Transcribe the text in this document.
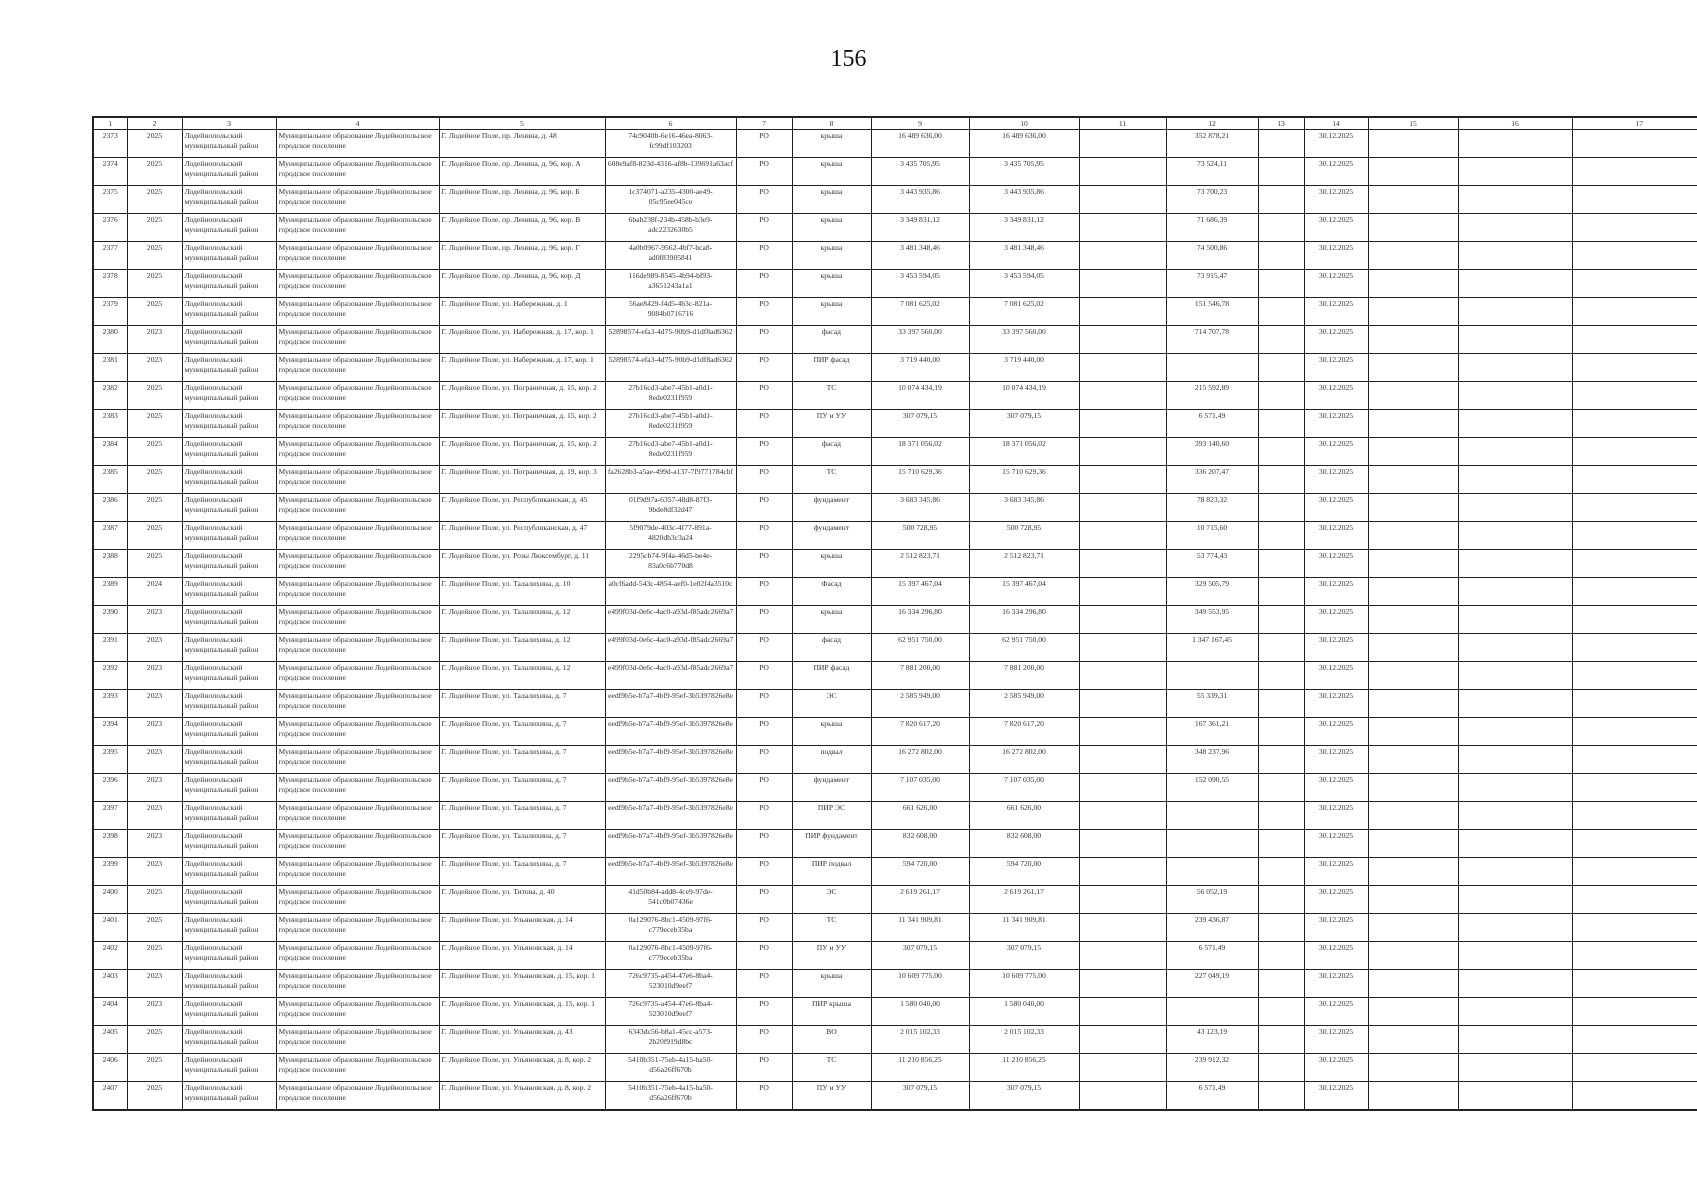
156
1	2	3	4	5	6	7	8	9	10	11	12	13	14	15	16	17
2373	2025	Лодейнопольский муниципальный район	Муниципальное образование Лодейнопольское городское поселение	Г. Лодейное Поле, пр. Ленина, д. 48	74c9040b-6e16-46ea-8063-fc99df103203	РО	крыша	16 489 636,00	16 489 636,00		352 878,21		30.12.2025			
2374	2025	Лодейнопольский муниципальный район	Муниципальное образование Лодейнопольское городское поселение	Г. Лодейное Поле, пр. Ленина, д. 96, кор. А	608e9af8-823d-4316-af8b-139691a63acf	РО	крыша	3 435 705,95	3 435 705,95		73 524,11		30.12.2025			
2375	2025	Лодейнопольский муниципальный район	Муниципальное образование Лодейнопольское городское поселение	Г. Лодейное Поле, пр. Ленина, д. 96, кор. Б	1c374071-a235-4300-ae49-05c95ee045ce	РО	крыша	3 443 935,86	3 443 935,86		73 700,23		30.12.2025			
2376	2025	Лодейнопольский муниципальный район	Муниципальное образование Лодейнопольское городское поселение	Г. Лодейное Поле, пр. Ленина, д. 96, кор. В	6bab238f-234b-458b-b3e9-adc2232630b5	РО	крыша	3 349 831,12	3 349 831,12		71 686,39		30.12.2025			
2377	2025	Лодейнопольский муниципальный район	Муниципальное образование Лодейнопольское городское поселение	Г. Лодейное Поле, пр. Ленина, д. 96, кор. Г	4a0b0967-9562-4bf7-bca8-ad0f83905841	РО	крыша	3 481 348,46	3 481 348,46		74 500,86		30.12.2025			
2378	2025	Лодейнопольский муниципальный район	Муниципальное образование Лодейнопольское городское поселение	Г. Лодейное Поле, пр. Ленина, д. 96, кор. Д	116de989-8545-4b94-bf93-a3651243a1a1	РО	крыша	3 453 594,05	3 453 594,05		73 915,47		30.12.2025			
2379	2025	Лодейнопольский муниципальный район	Муниципальное образование Лодейнопольское городское поселение	Г. Лодейное Поле, ул. Набережная, д. 1	56ae8429-f4d5-4b3c-821a-9084b0716716	РО	крыша	7 081 625,02	7 081 625,02		151 546,78		30.12.2025			
2380	2023	Лодейнопольский муниципальный район	Муниципальное образование Лодейнопольское городское поселение	Г. Лодейное Поле, ул. Набережная, д. 17, кор. 1	52898574-efa3-4d75-90b9-d1df8ad6362	РО	фасад	33 397 560,00	33 397 560,00		714 707,78		30.12.2025			
2381	2023	Лодейнопольский муниципальный район	Муниципальное образование Лодейнопольское городское поселение	Г. Лодейное Поле, ул. Набережная, д. 17, кор. 1	52898574-efa3-4d75-90b9-d1df8ad6362	РО	ПИР фасад	3 719 440,00	3 719 440,00				30.12.2025			
2382	2025	Лодейнопольский муниципальный район	Муниципальное образование Лодейнопольское городское поселение	Г. Лодейное Поле, ул. Пограничная, д. 15, кор. 2	27b16cd3-abe7-45b1-a0d1-8ede0231f959	РО	ТС	10 074 434,19	10 074 434,19		215 592,89		30.12.2025			
2383	2025	Лодейнопольский муниципальный район	Муниципальное образование Лодейнопольское городское поселение	Г. Лодейное Поле, ул. Пограничная, д. 15, кор. 2	27b16cd3-abe7-45b1-a0d1-8ede0231f959	РО	ПУ и УУ	307 079,15	307 079,15		6 571,49		30.12.2025			
2384	2025	Лодейнопольский муниципальный район	Муниципальное образование Лодейнопольское городское поселение	Г. Лодейное Поле, ул. Пограничная, д. 15, кор. 2	27b16cd3-abe7-45b1-a0d1-8ede0231f959	РО	фасад	18 371 056,02	18 371 056,02		393 140,60		30.12.2025			
2385	2025	Лодейнопольский муниципальный район	Муниципальное образование Лодейнопольское городское поселение	Г. Лодейное Поле, ул. Пограничная, д. 19, кор. 3	fa2628b3-a5ae-499d-a137-7f9771784cbf	РО	ТС	15 710 629,36	15 710 629,36		336 207,47		30.12.2025			
2386	2025	Лодейнопольский муниципальный район	Муниципальное образование Лодейнопольское городское поселение	Г. Лодейное Поле, ул. Республиканская, д. 45	01f9d97a-6357-48d8-87f3-9bde8df32d47	РО	фундамент	3 683 345,86	3 683 345,86		78 823,32		30.12.2025			
2387	2025	Лодейнопольский муниципальный район	Муниципальное образование Лодейнопольское городское поселение	Г. Лодейное Поле, ул. Республиканская, д. 47	5f9079de-403c-4f77-891a-4820db3c3a24	РО	фундамент	500 728,95	500 728,95		10 715,60		30.12.2025			
2388	2025	Лодейнопольский муниципальный район	Муниципальное образование Лодейнопольское городское поселение	Г. Лодейное Поле, ул. Розы Люксембург, д. 11	2295cb74-9f4a-46d5-be4e-83a0c6b770d8	РО	крыша	2 512 823,71	2 512 823,71		53 774,43		30.12.2025			
2389	2024	Лодейнопольский муниципальный район	Муниципальное образование Лодейнопольское городское поселение	Г. Лодейное Поле, ул. Талалихина, д. 10	a0cf6add-543c-4854-aef0-1e02f4a3510c	РО	Фасад	15 397 467,04	15 397 467,04		329 505,79		30.12.2025			
2390	2023	Лодейнопольский муниципальный район	Муниципальное образование Лодейнопольское городское поселение	Г. Лодейное Поле, ул. Талалихина, д. 12	e499f03d-0e6c-4ac0-a93d-f85adc2669a7	РО	крыша	16 334 296,80	16 334 296,80		349 553,95		30.12.2025			
2391	2023	Лодейнопольский муниципальный район	Муниципальное образование Лодейнопольское городское поселение	Г. Лодейное Поле, ул. Талалихина, д. 12	e499f03d-0e6c-4ac0-a93d-f85adc2669a7	РО	фасад	62 951 750,00	62 951 750,00		1 347 167,45		30.12.2025			
2392	2023	Лодейнопольский муниципальный район	Муниципальное образование Лодейнопольское городское поселение	Г. Лодейное Поле, ул. Талалихина, д. 12	e499f03d-0e6c-4ac0-a93d-f85adc2669a7	РО	ПИР фасад	7 881 200,00	7 881 200,00				30.12.2025			
2393	2023	Лодейнопольский муниципальный район	Муниципальное образование Лодейнопольское городское поселение	Г. Лодейное Поле, ул. Талалихина, д. 7	eedf9b5e-b7a7-4bf9-95ef-3b5397826e8e	РО	ЭС	2 585 949,00	2 585 949,00		55 339,31		30.12.2025			
2394	2023	Лодейнопольский муниципальный район	Муниципальное образование Лодейнопольское городское поселение	Г. Лодейное Поле, ул. Талалихина, д. 7	eedf9b5e-b7a7-4bf9-95ef-3b5397826e8e	РО	крыша	7 820 617,20	7 820 617,20		167 361,21		30.12.2025			
2395	2023	Лодейнопольский муниципальный район	Муниципальное образование Лодейнопольское городское поселение	Г. Лодейное Поле, ул. Талалихина, д. 7	eedf9b5e-b7a7-4bf9-95ef-3b5397826e8e	РО	подвал	16 272 802,00	16 272 802,00		348 237,96		30.12.2025			
2396	2023	Лодейнопольский муниципальный район	Муниципальное образование Лодейнопольское городское поселение	Г. Лодейное Поле, ул. Талалихина, д. 7	eedf9b5e-b7a7-4bf9-95ef-3b5397826e8e	РО	фундамент	7 107 035,00	7 107 035,00		152 090,55		30.12.2025			
2397	2023	Лодейнопольский муниципальный район	Муниципальное образование Лодейнопольское городское поселение	Г. Лодейное Поле, ул. Талалихина, д. 7	eedf9b5e-b7a7-4bf9-95ef-3b5397826e8e	РО	ПИР ЭС	661 626,00	661 626,00				30.12.2025			
2398	2023	Лодейнопольский муниципальный район	Муниципальное образование Лодейнопольское городское поселение	Г. Лодейное Поле, ул. Талалихина, д. 7	eedf9b5e-b7a7-4bf9-95ef-3b5397826e8e	РО	ПИР фундамент	832 608,00	832 608,00				30.12.2025			
2399	2023	Лодейнопольский муниципальный район	Муниципальное образование Лодейнопольское городское поселение	Г. Лодейное Поле, ул. Талалихина, д. 7	eedf9b5e-b7a7-4bf9-95ef-3b5397826e8e	РО	ПИР подвал	594 720,00	594 720,00				30.12.2025			
2400	2025	Лодейнопольский муниципальный район	Муниципальное образование Лодейнопольское городское поселение	Г. Лодейное Поле, ул. Титова, д. 40	41d50b84-add8-4ce9-97de-541c0b07436e	РО	ЭС	2 619 261,17	2 619 261,17		56 052,19		30.12.2025			
2401	2025	Лодейнопольский муниципальный район	Муниципальное образование Лодейнопольское городское поселение	Г. Лодейное Поле, ул. Ульяновская, д. 14	0a129076-8bc1-4509-97f6-c779eceb35ba	РО	ТС	11 341 909,81	11 341 909,81		239 436,87		30.12.2025			
2402	2025	Лодейнопольский муниципальный район	Муниципальное образование Лодейнопольское городское поселение	Г. Лодейное Поле, ул. Ульяновская, д. 14	0a129076-8bc1-4509-97f6-c779eceb35ba	РО	ПУ и УУ	307 079,15	307 079,15		6 571,49		30.12.2025			
2403	2023	Лодейнопольский муниципальный район	Муниципальное образование Лодейнопольское городское поселение	Г. Лодейное Поле, ул. Ульяновская, д. 15, кор. 1	726c9735-a454-47e6-8ba4-523010d9eef7	РО	крыша	10 609 775,00	10 609 775,00		227 049,19		30.12.2025			
2404	2023	Лодейнопольский муниципальный район	Муниципальное образование Лодейнопольское городское поселение	Г. Лодейное Поле, ул. Ульяновская, д. 15, кор. 1	726c9735-a454-47e6-8ba4-523010d9eef7	РО	ПИР крыша	1 580 040,00	1 580 040,00				30.12.2025			
2405	2025	Лодейнопольский муниципальный район	Муниципальное образование Лодейнопольское городское поселение	Г. Лодейное Поле, ул. Ульяновская, д. 43	6343dc56-b8a1-45cc-a573-2b20f919d8bc	РО	ВО	2 015 102,33	2 015 102,33		43 123,19		30.12.2025			
2406	2025	Лодейнопольский муниципальный район	Муниципальное образование Лодейнопольское городское поселение	Г. Лодейное Поле, ул. Ульяновская, д. 8, кор. 2	5410b351-75eb-4a15-ba50-d56a26ff670b	РО	ТС	11 210 856,25	11 210 856,25		239 912,32		30.12.2025			
2407	2025	Лодейнопольский муниципальный район	Муниципальное образование Лодейнопольское городское поселение	Г. Лодейное Поле, ул. Ульяновская, д. 8, кор. 2	5410b351-75eb-4a15-ba50-d56a26ff670b	РО	ПУ и УУ	307 079,15	307 079,15		6 571,49		30.12.2025			
